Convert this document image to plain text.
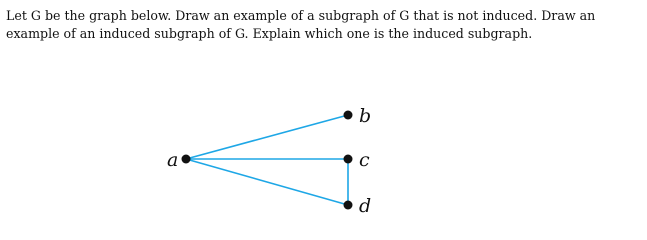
Let G be the graph below. Draw an example of a subgraph of G that is not induced. Draw an example of an induced subgraph of G. Explain which one is the induced subgraph.
a
b
c
d
